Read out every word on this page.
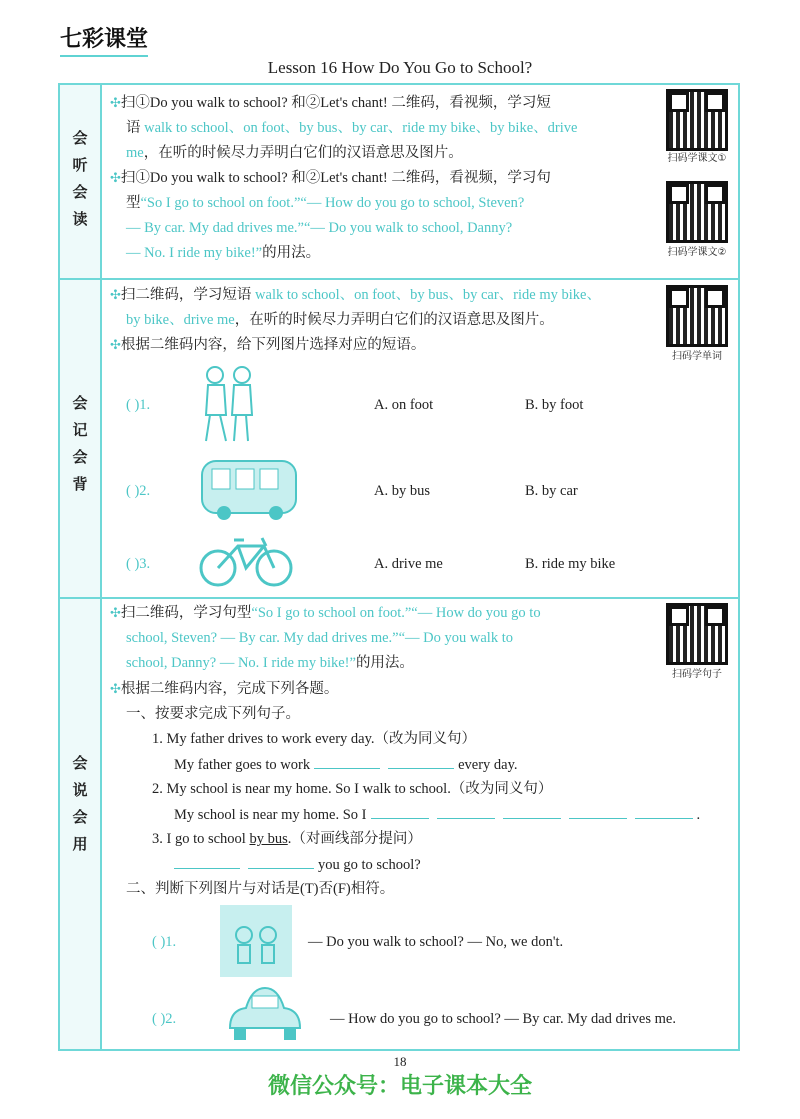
七彩课堂
Lesson 16 How Do You Go to School?
会
听
会
读
✣扫①Do you walk to school? 和②Let's chant! 二维码，看视频，学习短
语 walk to school、on foot、by bus、by car、ride my bike、by bike、drive
me，在听的时候尽力弄明白它们的汉语意思及图片。
✣扫①Do you walk to school? 和②Let's chant! 二维码，看视频，学习句
型“So I go to school on foot.”“— How do you go to school, Steven?
— By car. My dad drives me.”“— Do you walk to school, Danny?
— No. I ride my bike!”的用法。
扫码学课文①
扫码学课文②
会
记
会
背
✣扫二维码，学习短语 walk to school、on foot、by bus、by car、ride my bike、
by bike、drive me，在听的时候尽力弄明白它们的汉语意思及图片。
✣根据二维码内容，给下列图片选择对应的短语。
扫码学单词
( )1.	A. on foot	B. by foot
( )2.	A. by bus	B. by car
( )3.	A. drive me	B. ride my bike
会
说
会
用
✣扫二维码，学习句型“So I go to school on foot.”“— How do you go to
school, Steven? — By car. My dad drives me.”“— Do you walk to
school, Danny? — No. I ride my bike!”的用法。
✣根据二维码内容，完成下列各题。
扫码学句子
一、按要求完成下列句子。
1. My father drives to work every day.（改为同义句）
My father goes to work	every day.
2. My school is near my home. So I walk to school.（改为同义句）
My school is near my home. So I	.
3. I go to school by bus.（对画线部分提问）
you go to school?
二、判断下列图片与对话是(T)否(F)相符。
( )1.	— Do you walk to school? — No, we don't.
( )2.	— How do you go to school? — By car. My dad drives me.
18
微信公众号：电子课本大全
